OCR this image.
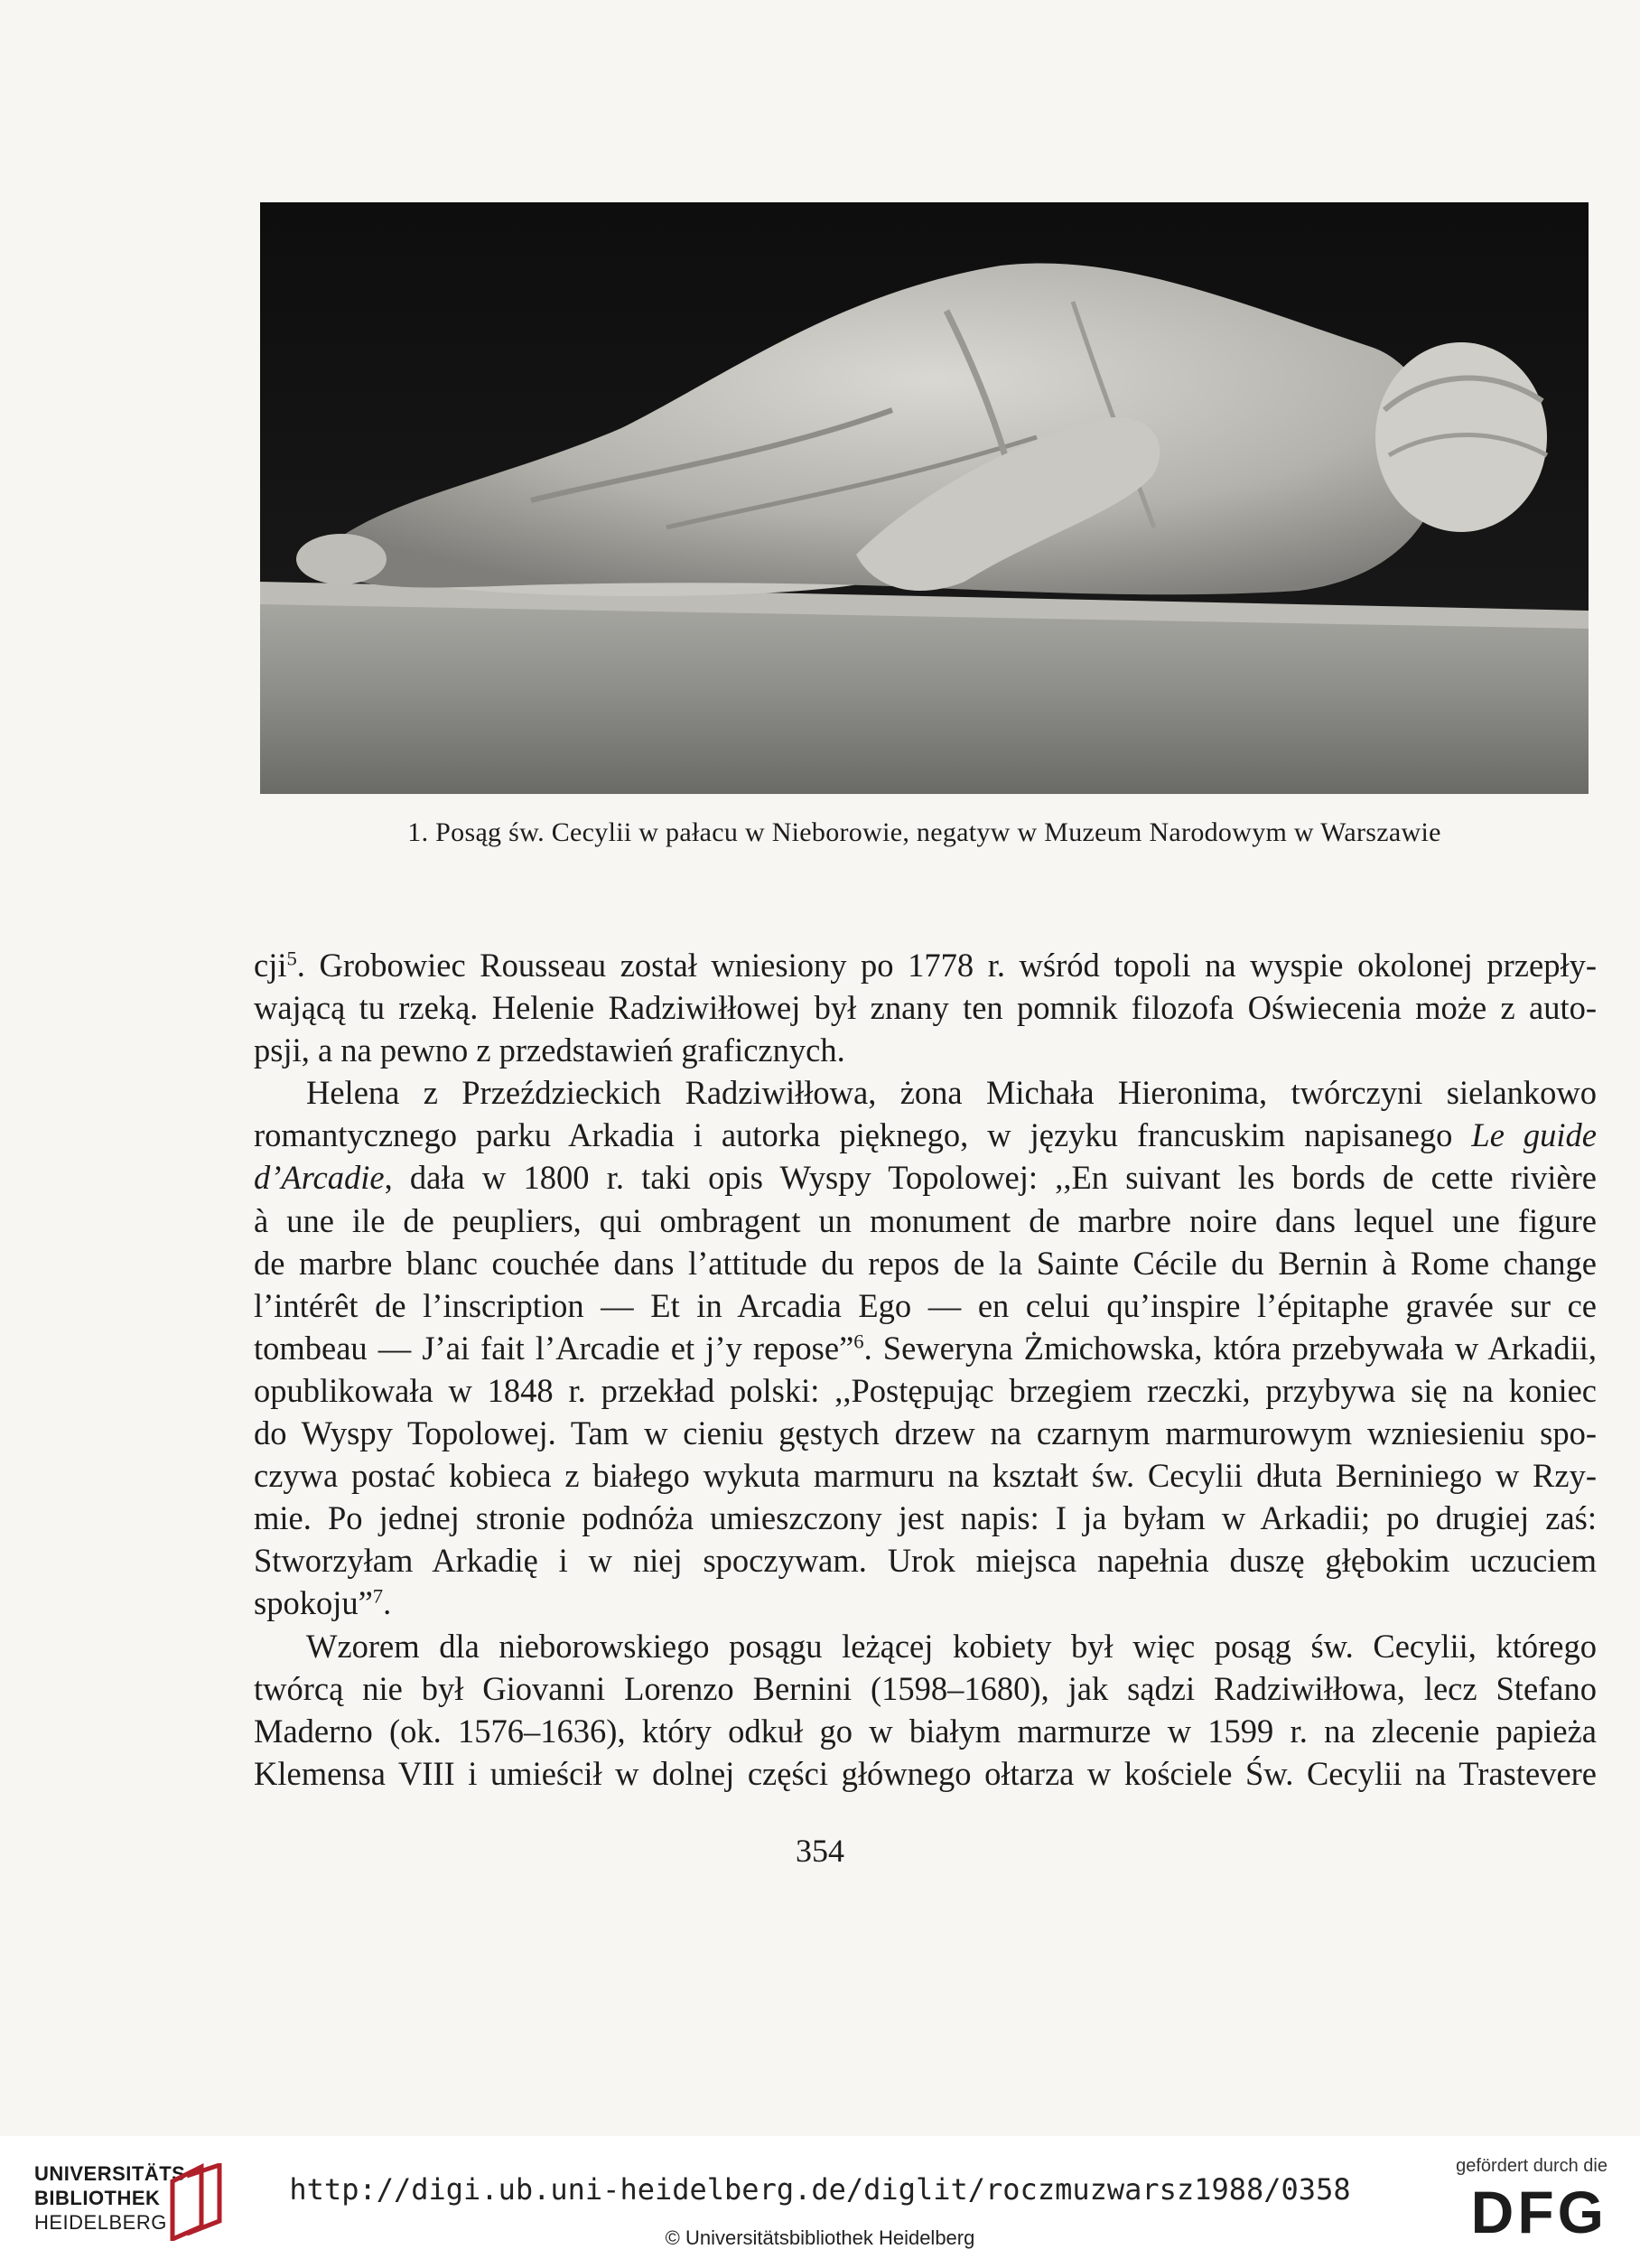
1. Posąg św. Cecylii w pałacu w Nieborowie, negatyw w Muzeum Narodowym w Warszawie
cji$^5$. Grobowiec Rousseau został wniesiony po 1778 r. wśród topoli na wyspie okolonej przepły-
wającą tu rzeką. Helenie Radziwiłłowej był znany ten pomnik filozofa Oświecenia może z auto-
psji, a na pewno z przedstawień graficznych.
Helena z Przeździeckich Radziwiłłowa, żona Michała Hieronima, twórczyni sielankowo
romantycznego parku Arkadia i autorka pięknego, w języku francuskim napisanego Le guide
d’Arcadie, dała w 1800 r. taki opis Wyspy Topolowej: ,,En suivant les bords de cette rivière
à une ile de peupliers, qui ombragent un monument de marbre noire dans lequel une figure
de marbre blanc couchée dans l’attitude du repos de la Sainte Cécile du Bernin à Rome change
l’intérêt de l’inscription — Et in Arcadia Ego — en celui qu’inspire l’épitaphe gravée sur ce
tombeau — J’ai fait l’Arcadie et j’y repose”$^6$. Seweryna Żmichowska, która przebywała w Arkadii,
opublikowała w 1848 r. przekład polski: ,,Postępując brzegiem rzeczki, przybywa się na koniec
do Wyspy Topolowej. Tam w cieniu gęstych drzew na czarnym marmurowym wzniesieniu spo-
czywa postać kobieca z białego wykuta marmuru na kształt św. Cecylii dłuta Berniniego w Rzy-
mie. Po jednej stronie podnóża umieszczony jest napis: I ja byłam w Arkadii; po drugiej zaś:
Stworzyłam Arkadię i w niej spoczywam. Urok miejsca napełnia duszę głębokim uczuciem
spokoju”$^7$.
Wzorem dla nieborowskiego posągu leżącej kobiety był więc posąg św. Cecylii, którego
twórcą nie był Giovanni Lorenzo Bernini (1598–1680), jak sądzi Radziwiłłowa, lecz Stefano
Maderno (ok. 1576–1636), który odkuł go w białym marmurze w 1599 r. na zlecenie papieża
Klemensa VIII i umieścił w dolnej części głównego ołtarza w kościele Św. Cecylii na Trastevere
354
UNIVERSITÄTS-
BIBLIOTHEK
HEIDELBERG
http://digi.ub.uni-heidelberg.de/diglit/roczmuzwarsz1988/0358
© Universitätsbibliothek Heidelberg
gefördert durch die
DFG
